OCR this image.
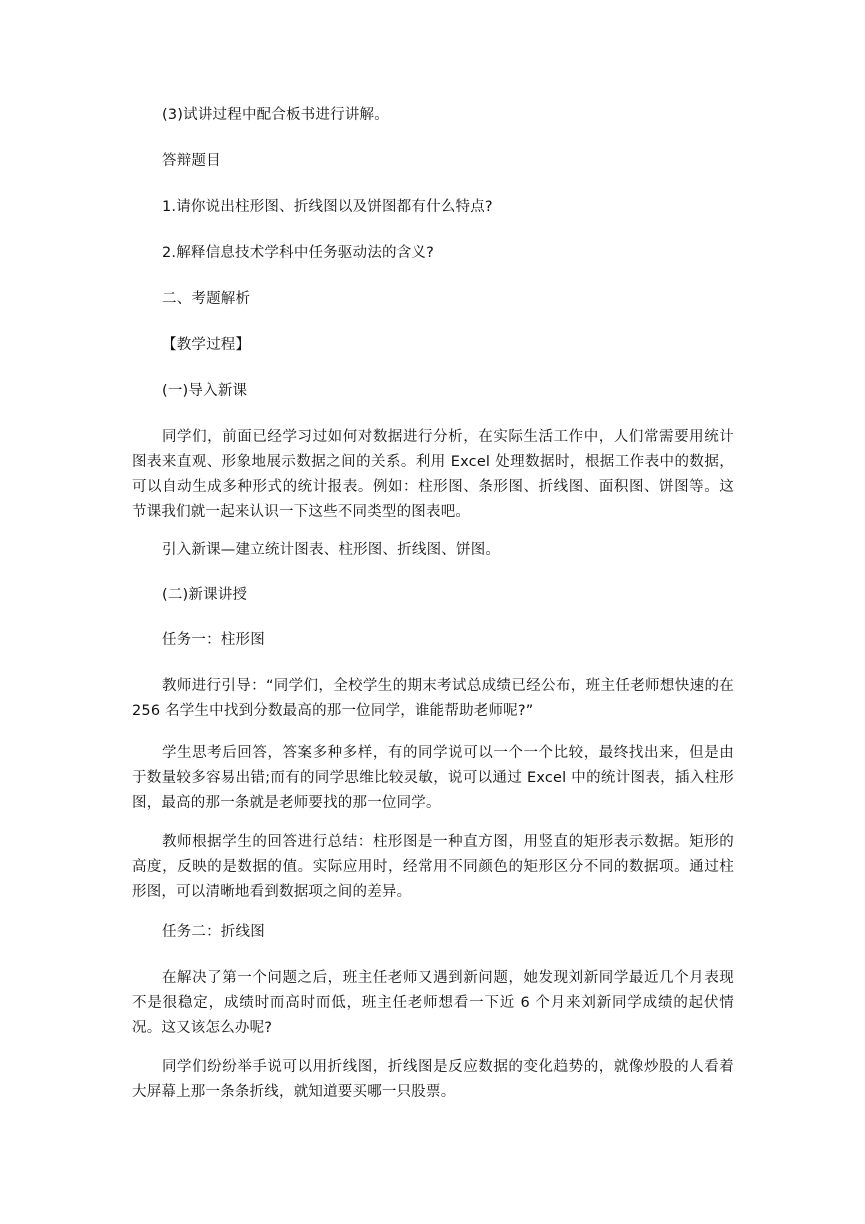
(3)试讲过程中配合板书进行讲解。

答辩题目

1.请你说出柱形图、折线图以及饼图都有什么特点?

2.解释信息技术学科中任务驱动法的含义?

二、考题解析

【教学过程】

(一)导入新课

同学们，前面已经学习过如何对数据进行分析，在实际生活工作中，人们常需要用统计图表来直观、形象地展示数据之间的关系。利用 Excel 处理数据时，根据工作表中的数据，可以自动生成多种形式的统计报表。例如：柱形图、条形图、折线图、面积图、饼图等。这节课我们就一起来认识一下这些不同类型的图表吧。

引入新课—建立统计图表、柱形图、折线图、饼图。

(二)新课讲授

任务一：柱形图

教师进行引导：“同学们，全校学生的期末考试总成绩已经公布，班主任老师想快速的在 256 名学生中找到分数最高的那一位同学，谁能帮助老师呢?”

学生思考后回答，答案多种多样，有的同学说可以一个一个比较，最终找出来，但是由于数量较多容易出错;而有的同学思维比较灵敏，说可以通过 Excel 中的统计图表，插入柱形图，最高的那一条就是老师要找的那一位同学。

教师根据学生的回答进行总结：柱形图是一种直方图，用竖直的矩形表示数据。矩形的高度，反映的是数据的值。实际应用时，经常用不同颜色的矩形区分不同的数据项。通过柱形图，可以清晰地看到数据项之间的差异。

任务二：折线图

在解决了第一个问题之后，班主任老师又遇到新问题，她发现刘新同学最近几个月表现不是很稳定，成绩时而高时而低，班主任老师想看一下近 6 个月来刘新同学成绩的起伏情况。这又该怎么办呢?

同学们纷纷举手说可以用折线图，折线图是反应数据的变化趋势的，就像炒股的人看着大屏幕上那一条条折线，就知道要买哪一只股票。
